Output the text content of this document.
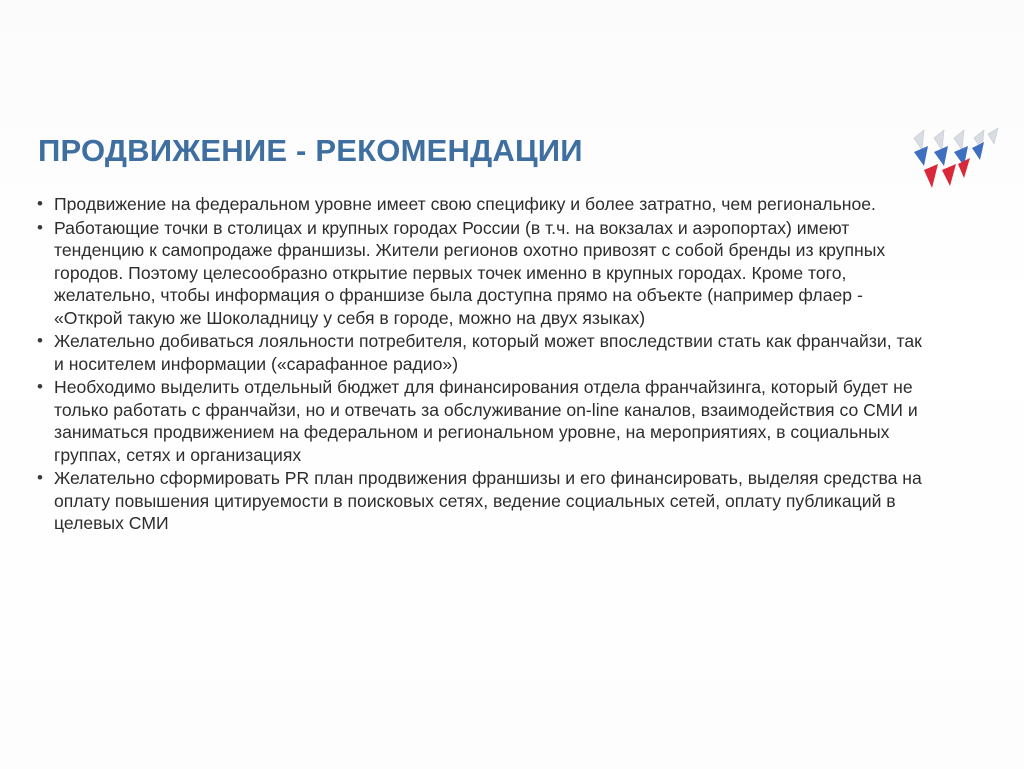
ПРОДВИЖЕНИЕ - РЕКОМЕНДАЦИИ
• Продвижение на федеральном уровне имеет свою специфику и более затратно, чем региональное.
• Работающие точки в столицах и крупных городах России (в т.ч. на вокзалах и аэропортах) имеют тенденцию к самопродаже франшизы. Жители регионов охотно привозят с собой бренды из крупных городов. Поэтому целесообразно открытие первых точек именно в крупных городах. Кроме того, желательно, чтобы информация о франшизе была доступна прямо на объекте (например флаер - «Открой такую же Шоколадницу у себя в городе, можно на двух языках)
• Желательно добиваться лояльности потребителя, который может впоследствии стать как франчайзи, так и носителем информации («сарафанное радио»)
• Необходимо выделить отдельный бюджет для финансирования отдела франчайзинга, который будет не только работать с франчайзи, но и отвечать за обслуживание on-line каналов, взаимодействия со СМИ и заниматься продвижением на федеральном и региональном уровне, на мероприятиях, в социальных группах, сетях и организациях
• Желательно сформировать PR план продвижения франшизы и его финансировать, выделяя средства на оплату повышения цитируемости в поисковых сетях, ведение социальных сетей, оплату публикаций в целевых СМИ
